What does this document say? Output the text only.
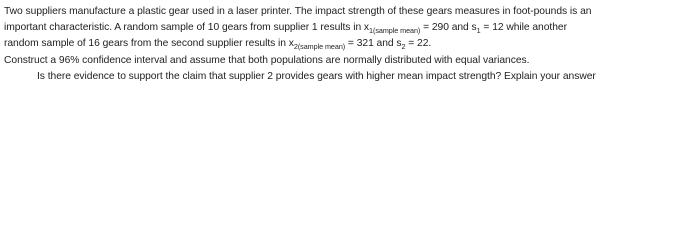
Two suppliers manufacture a plastic gear used in a laser printer. The impact strength of these gears measures in foot-pounds is an
important characteristic. A random sample of 10 gears from supplier 1 results in $x_{1(sample mean)} = 290$ and $s_1 = 12$ while another
random sample of 16 gears from the second supplier results in $x_{2(sample mean)} = 321$ and $s_2 = 22$.
Construct a 96% confidence interval and assume that both populations are normally distributed with equal variances.
Is there evidence to support the claim that supplier 2 provides gears with higher mean impact strength? Explain your answer
